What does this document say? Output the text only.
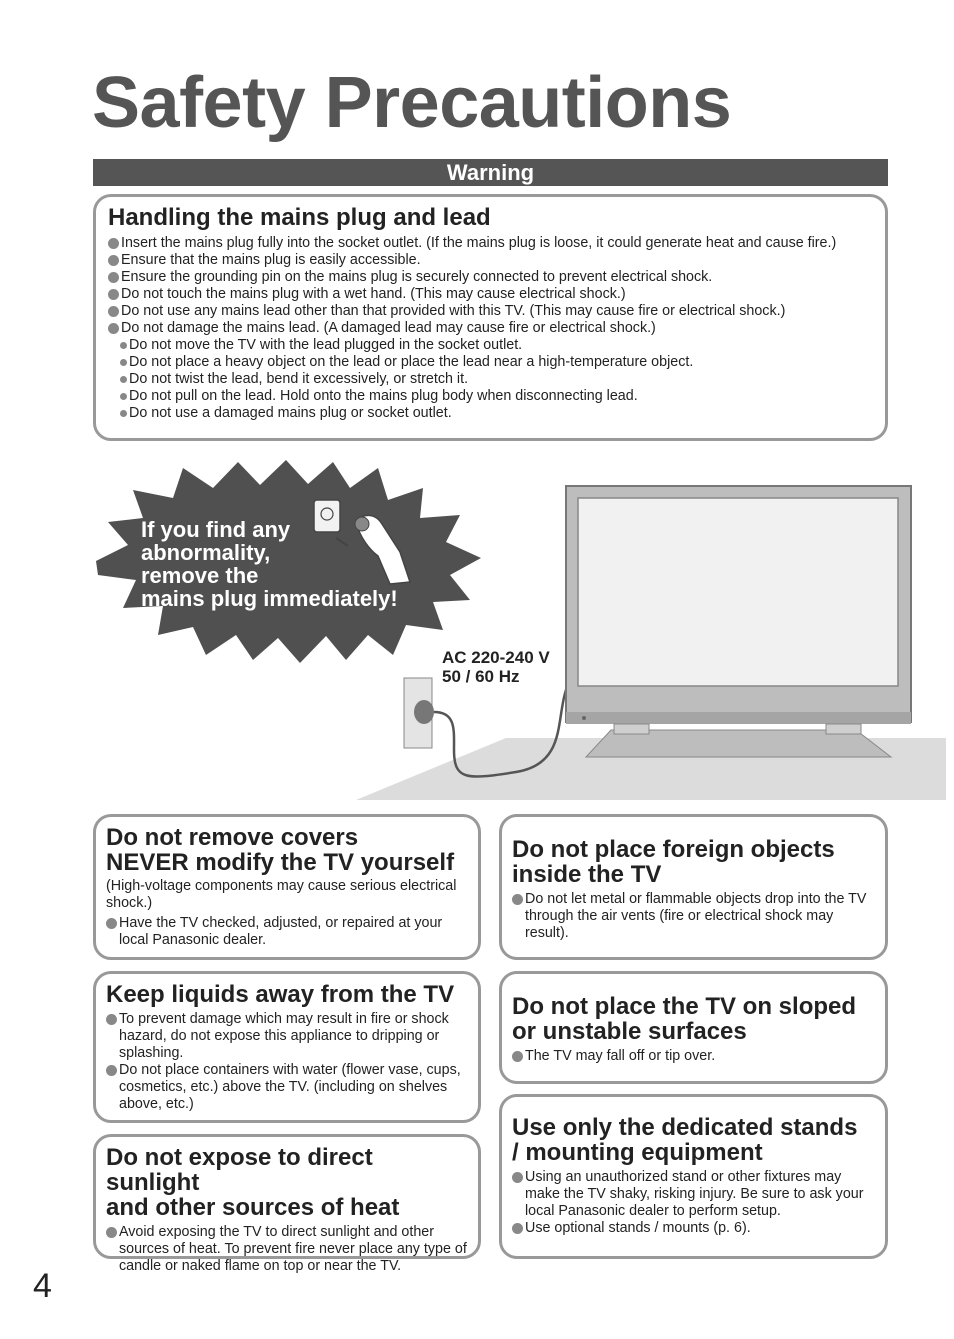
Safety Precautions
Warning
Handling the mains plug and lead
Insert the mains plug fully into the socket outlet. (If the mains plug is loose, it could generate heat and cause fire.)
Ensure that the mains plug is easily accessible.
Ensure the grounding pin on the mains plug is securely connected to prevent electrical shock.
Do not touch the mains plug with a wet hand. (This may cause electrical shock.)
Do not use any mains lead other than that provided with this TV. (This may cause fire or electrical shock.)
Do not damage the mains lead. (A damaged lead may cause fire or electrical shock.)
Do not move the TV with the lead plugged in the socket outlet.
Do not place a heavy object on the lead or place the lead near a high-temperature object.
Do not twist the lead, bend it excessively, or stretch it.
Do not pull on the lead. Hold onto the mains plug body when disconnecting lead.
Do not use a damaged mains plug or socket outlet.
If you find any
abnormality,
remove the
mains plug immediately!
AC 220-240 V
50 / 60 Hz
Do not remove covers
NEVER modify the TV yourself

(High-voltage components may cause serious electrical shock.)

Have the TV checked, adjusted, or repaired at your local Panasonic dealer.
Do not place foreign objects
inside the TV
Do not let metal or flammable objects drop into the TV through the air vents (fire or electrical shock may result).
Keep liquids away from the TV
To prevent damage which may result in fire or shock hazard, do not expose this appliance to dripping or splashing.
Do not place containers with water (flower vase, cups, cosmetics, etc.) above the TV. (including on shelves above, etc.)
Do not place the TV on sloped
or unstable surfaces
The TV may fall off or tip over.
Do not expose to direct sunlight
and other sources of heat
Avoid exposing the TV to direct sunlight and other sources of heat. To prevent fire never place any type of candle or naked flame on top or near the TV.
Use only the dedicated stands
/ mounting equipment
Using an unauthorized stand or other fixtures may make the TV shaky, risking injury. Be sure to ask your local Panasonic dealer to perform setup.
Use optional stands / mounts (p. 6).
4
